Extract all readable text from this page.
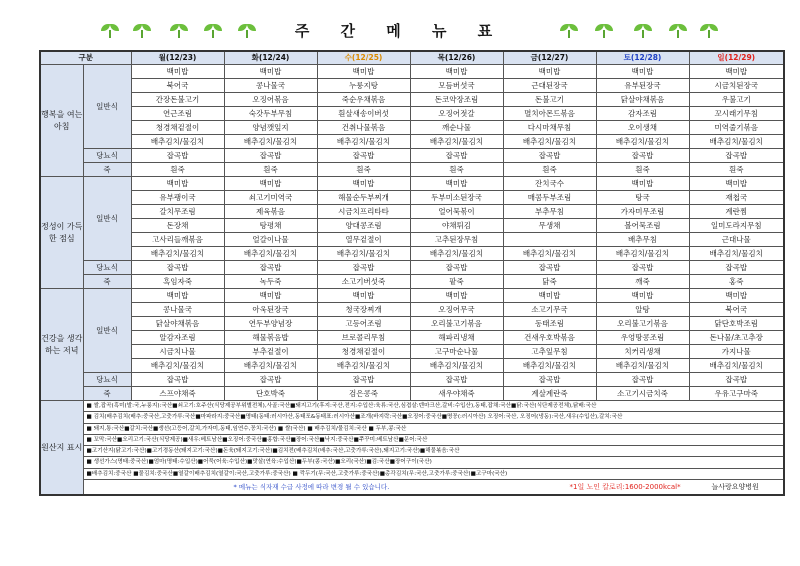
주 간 메 뉴 표
구분		월(12/23)	화(12/24)	수(12/25)	목(12/26)	금(12/27)	토(12/28)	일(12/29)
행복을 여는 아침	일반식	백미밥	백미밥	백미밥	백미밥	백미밥	백미밥	백미밥
		북어국	콩나물국	누룽지탕	모듬버섯국	근대된장국	유부된장국	시금치된장국
		간장돈불고기	오징어볶음	죽순우채볶음	돈코약장조림	돈불고기	닭살야채볶음	우불고기
		연근조림	숙갓두부무침	흰살새송이버섯	오징어젓갈	멸치아몬드볶음	감자조림	꼬시래기무침
		청경채겉절이	양념깻잎지	건취나물볶음	깨순나물	다시마채무침	오이생채	미역줄기볶음
		배추김치/물김치	배추김치/물김치	배추김치/물김치	배추김치/물김치	배추김치/물김치	배추김치/물김치	배추김치/물김치
	당뇨식	잡곡밥	잡곡밥	잡곡밥	잡곡밥	잡곡밥	잡곡밥	잡곡밥
	죽	흰죽	흰죽	흰죽	흰죽	흰죽	흰죽	흰죽
정성이 가득한 점심	일반식	백미밥	백미밥	백미밥	백미밥	잔치국수	백미밥	백미밥
		유부팽이국	쇠고기미역국	해물순두부찌개	두부미소된장국	매콤두부조림	탕국	재첩국
		갈치무조림	제육볶음	시금치프리타타	얼어묵볶이	부추무침	가자미무조림	계란찜
		돈장채	탕평채	양대콩조림	야채튀김	무생채	볼어묵조림	일미도라지무침
		고사리들깨볶음	얼갈이나물	열무겉절이	고추된장무침		배추무침	근대나물
		배추김치/물김치	배추김치/물김치	배추김치/물김치	배추김치/물김치	배추김치/물김치	배추김치/물김치	배추김치/물김치
	당뇨식	잡곡밥	잡곡밥	잡곡밥	잡곡밥	잡곡밥	잡곡밥	잡곡밥
	죽	흑임자죽	녹두죽	소고기버섯죽	팥죽	닭죽	깨죽	홍죽
건강을 생각하는 저녁	일반식	백미밥	백미밥	백미밥	백미밥	백미밥	백미밥	백미밥
		콩나물국	아욱된장국	청국장찌개	오징어무국	소고기무국	알탕	북어국
		닭살야채볶음	연두부양념장	고등어조림	오리불고기볶음	동태조림	오리불고기볶음	닭단호박조림
		알감자조림	해물볶음밥	브로콜리무침	해파리냉채	건새우호박볶음	우엉땅콩조림	돈나물/초고추장
		시금치나물	부추겉절이	청경채겉절이	고구마순나물	고추잎무침	치커리생채	가지나물
		배추김치/물김치	배추김치/물김치	배추김치/물김치	배추김치/물김치	배추김치/물김치	배추김치/물김치	배추김치/물김치
	당뇨식	잡곡밥	잡곡밥	잡곡밥	잡곡밥	잡곡밥	잡곡밥	잡곡밥
	죽	스프야채죽	단호박죽	검은콩죽	새우야채죽	계살계란죽	소고기시금치죽	우유고구마죽
원산지 표시	■ 쌀,잡곡(흑미(발:국,누룽지):국산■쇠고기:호주산(식당제공부위별전체),사골:국산■돼지고기(후지:국산,전지:수입산:육류:국산,심겹살:덴마크산,갈비:수입산),동태,잡채:국산■닭:국산(식단제공전체),닭배:국산							
	■ 김치(배추김치(배추:중국산,고춧가루:국산■마파라지:중국산■명태(동태:러시아산,동태포&동태표:러시아산■조개(바지락:국산■오징어:중국산■명꽁(:러시아산) 오징어:국산, 오징어(냉동):국산,새우(수입산),갈치:국산							
	■ 돼지,통:국산■갈치:국산■생선(고등어,갈치,가자미,동태,임연수,꽁치:국산) ■ 쌀(국산) ■ 배추김치/물김치:국산 ■ 두부,콩:국산							
	■ 꼬막:국산■오리고기:국산(식당제공)■새우:베트남산■오징어:중국산■홍합:국산■장어:국산■낙지:중국산■쭈꾸미:베트남산■문어:국산							
	■고기산지(닭고기:국산)■고기경동산(돼지고기:국산)■돈육(돼지고기:국산)■김치전(배추김치(배추:국산,고춧가루:국산),돼지고기:국산)■해물볶음:국산							
	■ 생선가스(명태:중국산)■엄마(명태:수입산)■어묵(어육:수입산)■맛살(연육:수입산)■두부(콩:국산)■오리(국산)■김:국산■장어구이(국산)							
	■배추김치:중국산 ■물김치:중국산■열갈이배추김치(열갈이:국산,고춧가루:중국산) ■ 깍두기(무:국산,고춧가루:중국산)■총각김치(무:국산,고춧가루:중국산)■고구마(국산)							

	* 메뉴는 식자재 수급 사정에 따라 변경 될 수 있습니다. *1일 노인 칼로리:1600-2000kcal* 늘사랑요양병원							
